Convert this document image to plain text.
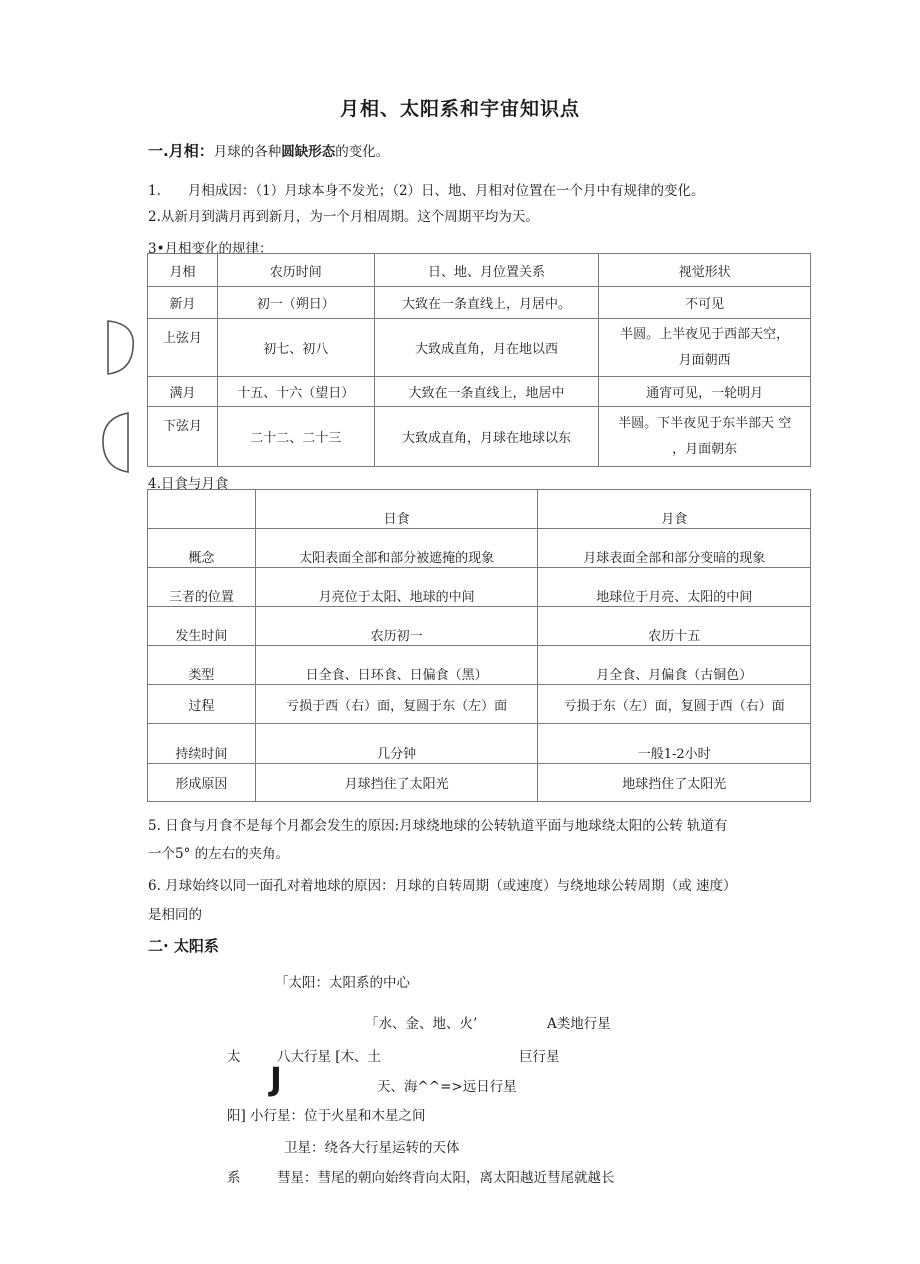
月相、太阳系和宇宙知识点
一.月相：月球的各种圆缺形态的变化。
1.　　月相成因：（1）月球本身不发光；（2）日、地、月相对位置在一个月中有规律的变化。
2.从新月到满月再到新月，为一个月相周期。这个周期平均为天。
3•月相变化的规律：
月相	农历时间	日、地、月位置关系	视觉形状
新月	初一（朔日）	大致在一条直线上，月居中。	不可见

上弦月	初七、初八	大致成直角，月在地以西	半圆。上半夜见于西部天空，
月面朝西

满月	十五、十六（望日）	大致在一条直线上，地居中	通宵可见，一轮明月

下弦月	二十二、二十三	大致成直角，月球在地球以东	半圆。下半夜见于东半部天 空
，月面朝东
4.日食与月食
	日食	月食
概念	太阳表面全部和部分被遮掩的现象	月球表面全部和部分变暗的现象
三者的位置	月亮位于太阳、地球的中间	地球位于月亮、太阳的中间
发生时间	农历初一	农历十五
类型	日全食、日环食、日偏食（黑）	月全食、月偏食（古铜色）
过程	亏损于西（右）面，复圆于东（左）面	亏损于东（左）面，复圆于西（右）面
持续时间	几分钟	一般1-2小时
形成原因	月球挡住了太阳光	地球挡住了太阳光
5. 日食与月食不是每个月都会发生的原因:月球绕地球的公转轨道平面与地球绕太阳的公转 轨道有
一个5° 的左右的夹角。
6. 月球始终以同一面孔对着地球的原因：月球的自转周期（或速度）与绕地球公转周期（或 速度）
是相同的
二· 太阳系
「太阳：太阳系的中心
「水、金、地、火’	A类地行星
太	八大行星 [木、土	巨行星
J	天、海^^=>远日行星
阳] 小行星：位于火星和木星之间
卫星：绕各大行星运转的天体
系	彗星：彗尾的朝向始终背向太阳，离太阳越近彗尾就越长
